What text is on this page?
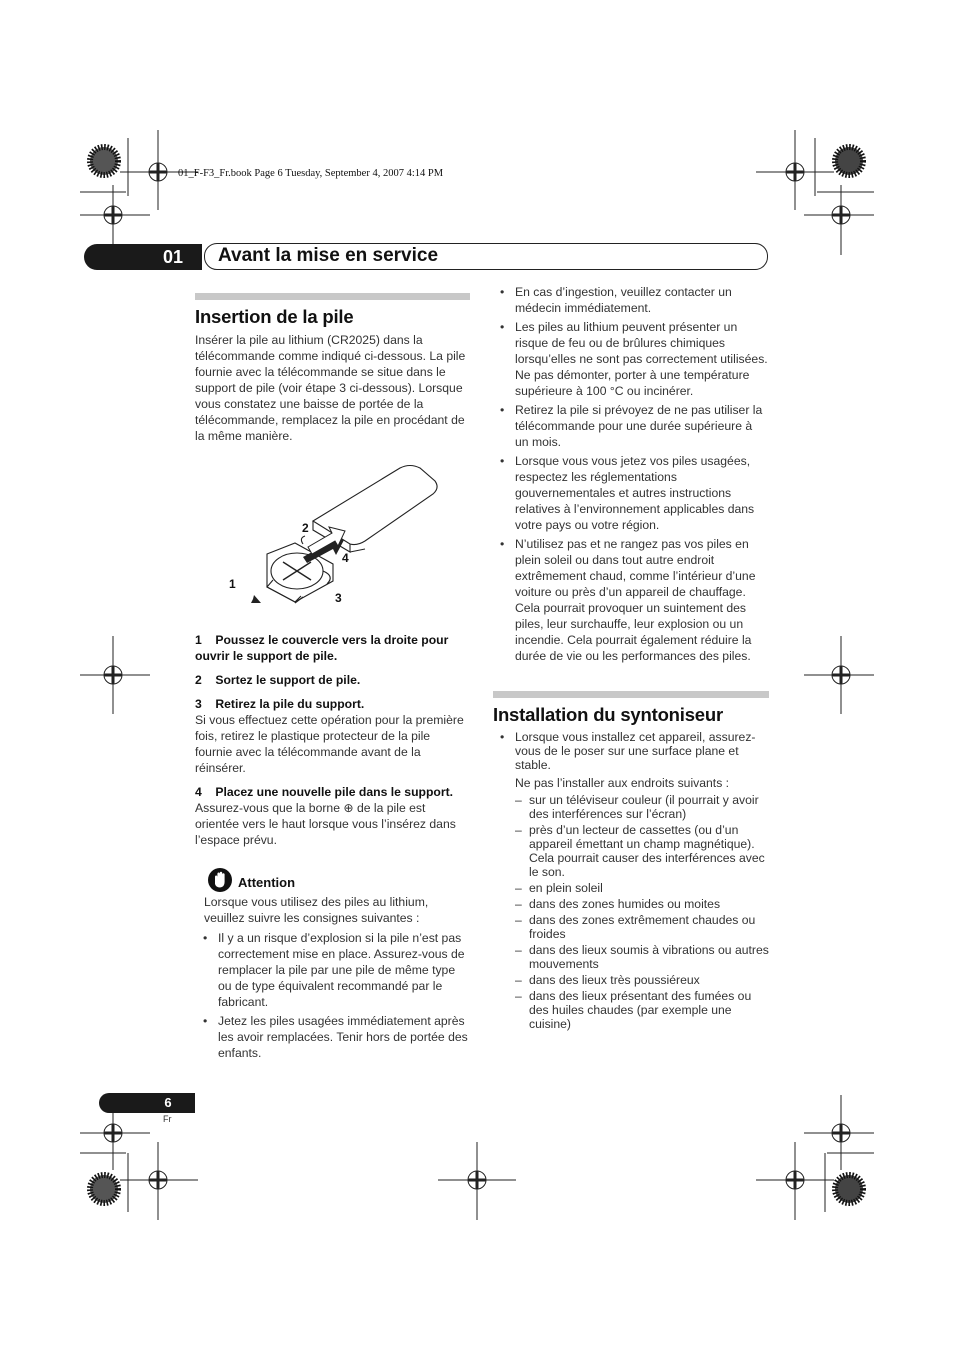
01_F-F3_Fr.book Page 6 Tuesday, September 4, 2007 4:14 PM
01	Avant la mise en service
Insertion de la pile

Insérer la pile au lithium (CR2025) dans la télécommande comme indiqué ci-dessous. La pile fournie avec la télécommande se situe dans le support de pile (voir étape 3 ci-dessous). Lorsque vous constatez une baisse de portée de la télécommande, remplacez la pile en procédant de la même manière.

2
4
1
3

1    Poussez le couvercle vers la droite pour ouvrir le support de pile.

2    Sortez le support de pile.

3    Retirez la pile du support.

Si vous effectuez cette opération pour la première fois, retirez le plastique protecteur de la pile fournie avec la télécommande avant de la réinsérer.

4    Placez une nouvelle pile dans le support.

Assurez-vous que la borne ⊕ de la pile est orientée vers le haut lorsque vous l’insérez dans l’espace prévu.

Attention

Lorsque vous utilisez des piles au lithium, veuillez suivre les consignes suivantes :

• Il y a un risque d’explosion si la pile n’est pas correctement mise en place. Assurez-vous de remplacer la pile par une pile de même type ou de type équivalent recommandé par le fabricant.
• Jetez les piles usagées immédiatement après les avoir remplacées. Tenir hors de portée des enfants.
• En cas d’ingestion, veuillez contacter un médecin immédiatement.
• Les piles au lithium peuvent présenter un risque de feu ou de brûlures chimiques lorsqu’elles ne sont pas correctement utilisées. Ne pas démonter, porter à une température supérieure à 100 °C ou incinérer.
• Retirez la pile si prévoyez de ne pas utiliser la télécommande pour une durée supérieure à un mois.
• Lorsque vous vous jetez vos piles usagées, respectez les réglementations gouvernementales et autres instructions relatives à l’environnement applicables dans votre pays ou votre région.
• N’utilisez pas et ne rangez pas vos piles en plein soleil ou dans tout autre endroit extrêmement chaud, comme l’intérieur d’une voiture ou près d’un appareil de chauffage. Cela pourrait provoquer un suintement des piles, leur surchauffe, leur explosion ou un incendie. Cela pourrait également réduire la durée de vie ou les performances des piles.
Installation du syntoniseur
• Lorsque vous installez cet appareil, assurez-vous de le poser sur une surface plane et stable.
Ne pas l’installer aux endroits suivants :
– sur un téléviseur couleur (il pourrait y avoir des interférences sur l’écran)
– près d’un lecteur de cassettes (ou d’un appareil émettant un champ magnétique). Cela pourrait causer des interférences avec le son.
– en plein soleil
– dans des zones humides ou moites
– dans des zones extrêmement chaudes ou froides
– dans des lieux soumis à vibrations ou autres mouvements
– dans des lieux très poussiéreux
– dans des lieux présentant des fumées ou des huiles chaudes (par exemple une cuisine)
6
Fr
